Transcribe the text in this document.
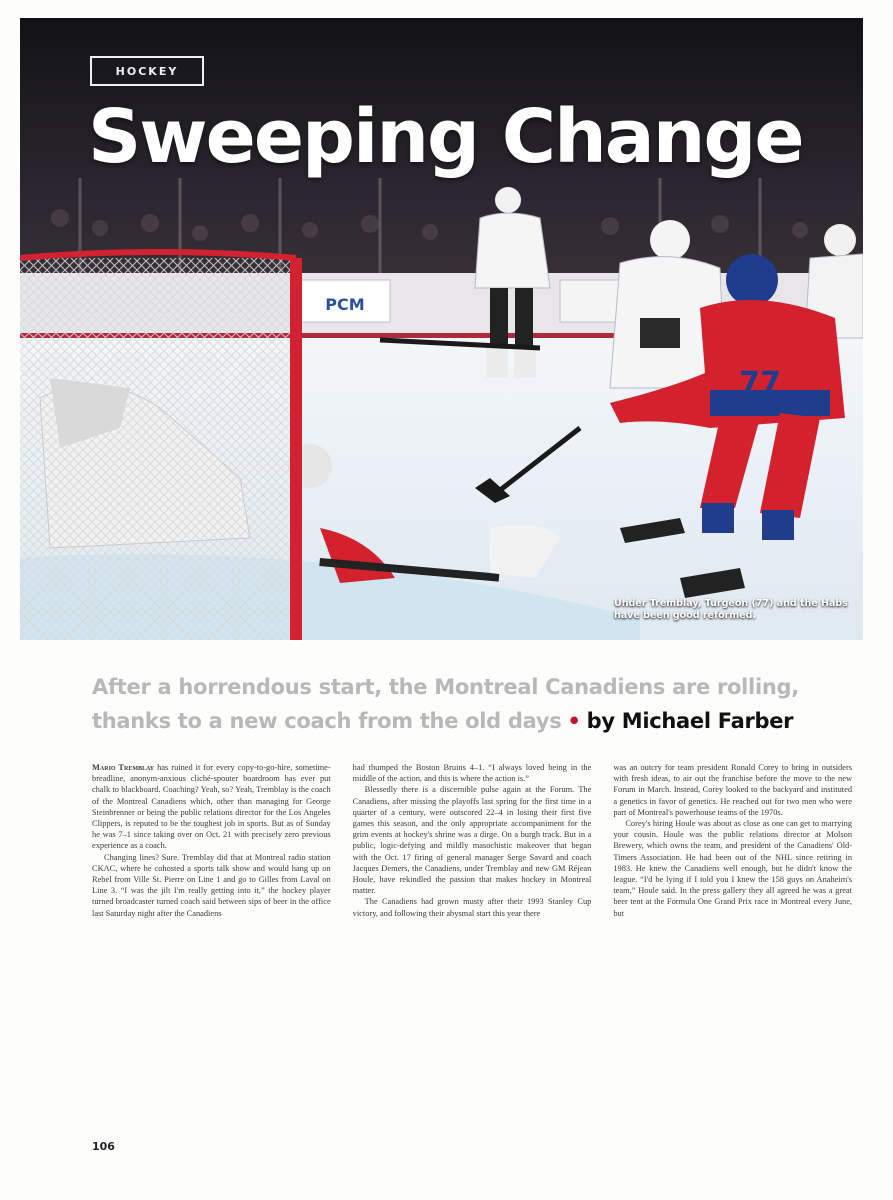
PCM
77
HOCKEY
Sweeping Change
Under Tremblay, Turgeon (77) and the Habs have been good reformed.
After a horrendous start, the Montreal Canadiens are rolling, thanks to a new coach from the old days • by Michael Farber

Mario Tremblay has ruined it for every copy-to-go-hire, sometime-breadline, anonym-anxious cliché-spouter boardroom has ever put chalk to blackboard. Coaching? Yeah, so? Yeah, Tremblay is the coach of the Montreal Canadiens which, other than managing for George Steinbrenner or being the public relations director for the Los Angeles Clippers, is reputed to be the toughest job in sports. But as of Sunday he was 7–1 since taking over on Oct. 21 with precisely zero previous experience as a coach.

Changing lines? Sure. Tremblay did that at Montreal radio station CKAC, where he cohosted a sports talk show and would hang up on Rebel from Ville St. Pierre on Line 1 and go to Gilles from Laval on Line 3. “I was the jilt I'm really getting into it,” the hockey player turned broadcaster turned coach said between sips of beer in the office last Saturday night after the Canadiens

had thumped the Boston Bruins 4–1. “I always loved being in the middle of the action, and this is where the action is.”

Blessedly there is a discernible pulse again at the Forum. The Canadiens, after missing the playoffs last spring for the first time in a quarter of a century, were outscored 22–4 in losing their first five games this season, and the only appropriate accompaniment for the grim events at hockey's shrine was a dirge. On a burgh track. But in a public, logic-defying and mildly masochistic makeover that began with the Oct. 17 firing of general manager Serge Savard and coach Jacques Demers, the Canadiens, under Tremblay and new GM Réjean Houle, have rekindled the passion that makes hockey in Montreal matter.

The Canadiens had grown musty after their 1993 Stanley Cup victory, and following their abysmal start this year there

was an outcry for team president Ronald Corey to bring in outsiders with fresh ideas, to air out the franchise before the move to the new Forum in March. Instead, Corey looked to the backyard and instituted a genetics in favor of genetics. He reached out for two men who were part of Montreal's powerhouse teams of the 1970s.

Corey's hiring Houle was about as close as one can get to marrying your cousin. Houle was the public relations director at Molson Brewery, which owns the team, and president of the Canadiens' Old-Timers Association. He had been out of the NHL since retiring in 1983. He knew the Canadiens well enough, but he didn't know the league. “I'd be lying if I told you I knew the 158 guys on Anaheim's team,” Houle said. In the press gallery they all agreed he was a great beer tent at the Formula One Grand Prix race in Montreal every June, but

106
